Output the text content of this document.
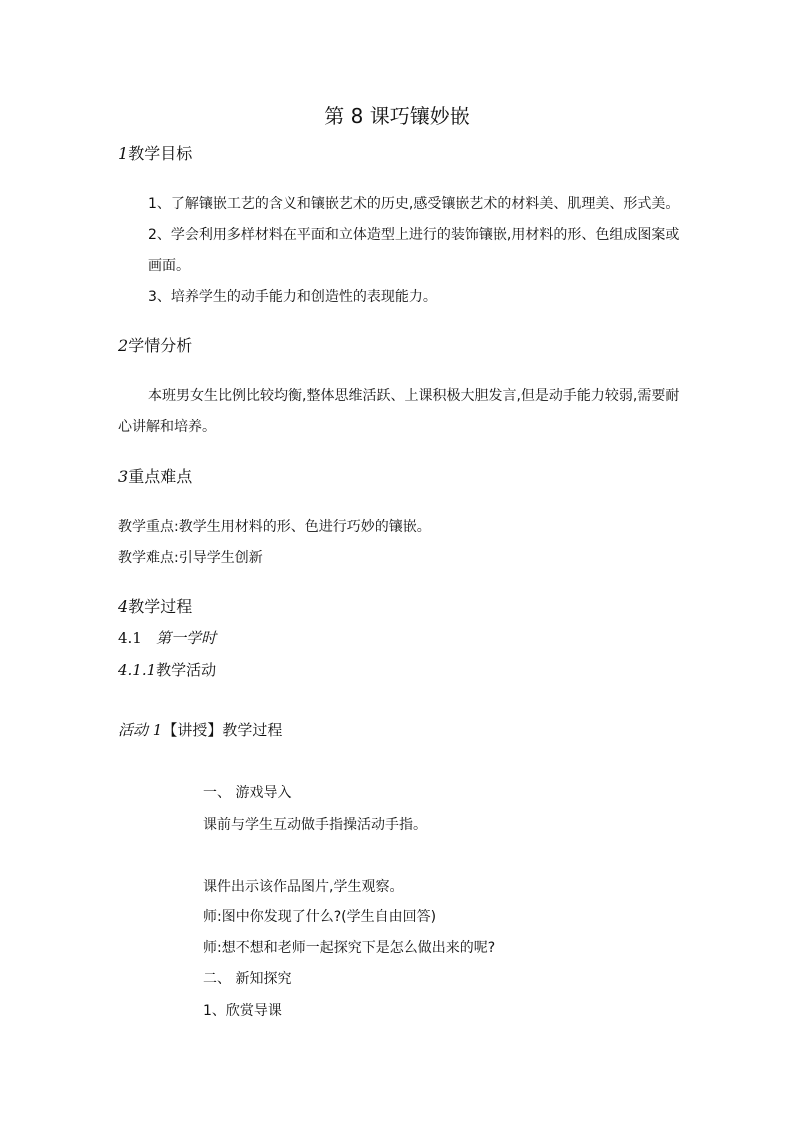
第 8 课巧镶妙嵌
1教学目标
1、了解镶嵌工艺的含义和镶嵌艺术的历史,感受镶嵌艺术的材料美、肌理美、形式美。
2、学会利用多样材料在平面和立体造型上进行的装饰镶嵌,用材料的形、色组成图案或
画面。
3、培养学生的动手能力和创造性的表现能力。
2学情分析
本班男女生比例比较均衡,整体思维活跃、上课积极大胆发言,但是动手能力较弱,需要耐
心讲解和培养。
3重点难点
教学重点:教学生用材料的形、色进行巧妙的镶嵌。
教学难点:引导学生创新
4教学过程
4.1 第一学时
4.1.1教学活动
活动 1【讲授】教学过程
一、 游戏导入
课前与学生互动做手指操活动手指。
课件出示该作品图片,学生观察。
师:图中你发现了什么?(学生自由回答)
师:想不想和老师一起探究下是怎么做出来的呢?
二、 新知探究
1、欣赏导课
